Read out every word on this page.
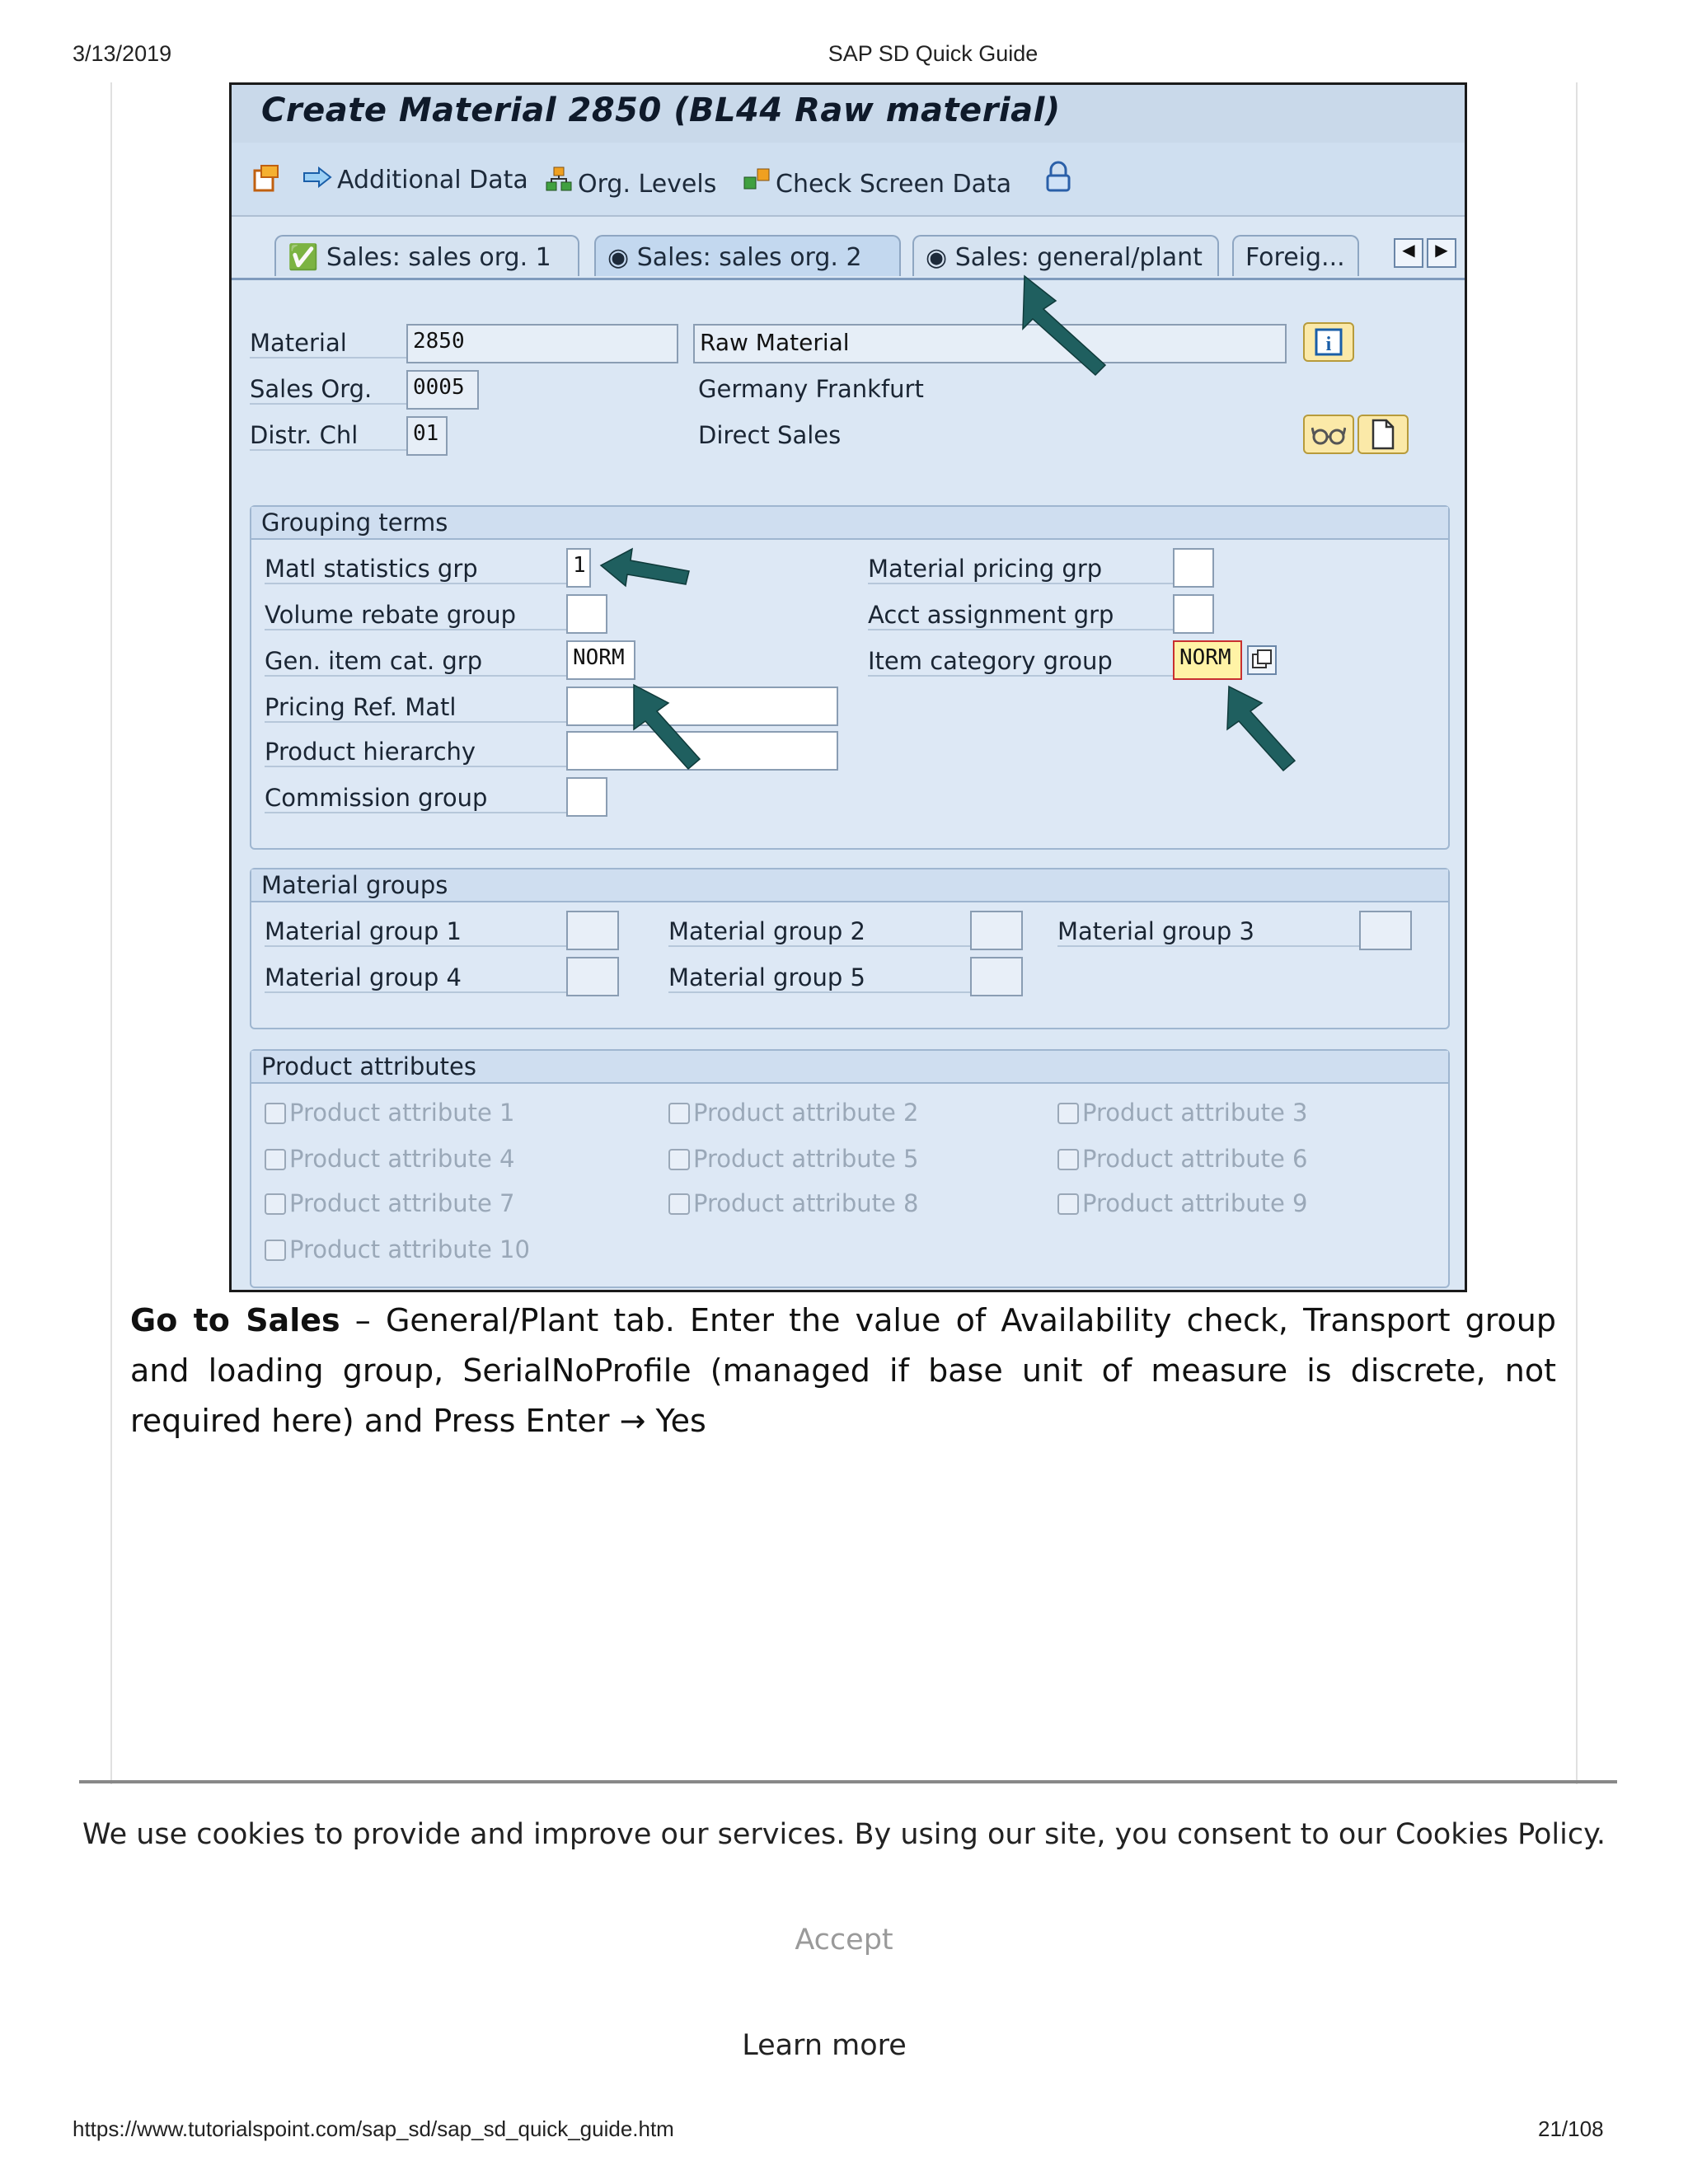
3/13/2019	SAP SD Quick Guide
Create Material 2850 (BL44 Raw material)
Additional Data	Org. Levels	Check Screen Data
✅ Sales: sales org. 1	◉ Sales: sales org. 2	◉ Sales: general/plant	Foreig...	◀	▶
Material	2850	Raw Material	i
Sales Org.	0005	Germany Frankfurt
Distr. Chl	01	Direct Sales
Grouping terms
Matl statistics grp	1
Volume rebate group
Gen. item cat. grp	NORM
Pricing Ref. Matl
Product hierarchy
Commission group
Material pricing grp
Acct assignment grp
Item category group	NORM
Material groups
Material group 1	Material group 2	Material group 3
Material group 4	Material group 5
Product attributes
Product attribute 1	Product attribute 2	Product attribute 3
Product attribute 4	Product attribute 5	Product attribute 6
Product attribute 7	Product attribute 8	Product attribute 9
Product attribute 10
Go to Sales – General/Plant tab. Enter the value of Availability check, Transport group and loading group, SerialNoProfile (managed if base unit of measure is discrete, not required here) and Press Enter → Yes
We use cookies to provide and improve our services. By using our site, you consent to our Cookies Policy.
Accept
Learn more
https://www.tutorialspoint.com/sap_sd/sap_sd_quick_guide.htm	21/108
